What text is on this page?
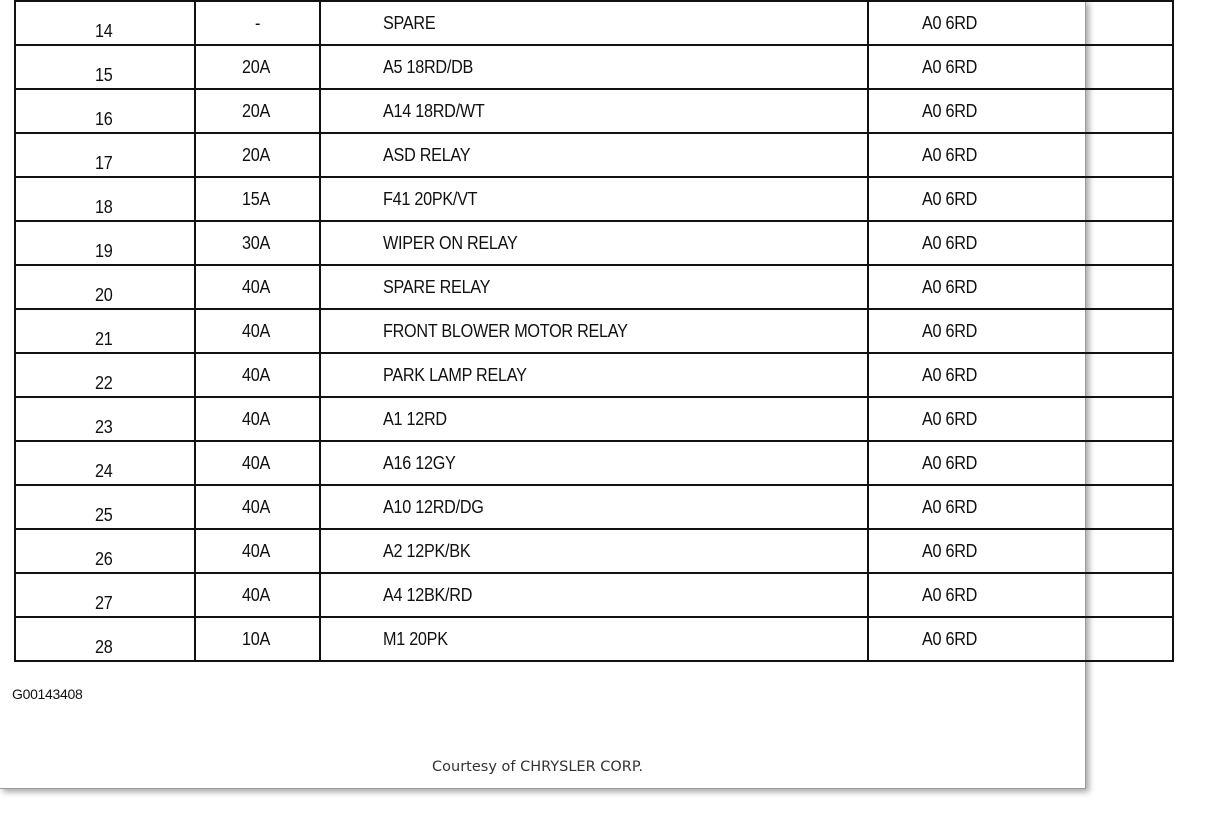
14	-	SPARE	A0 6RD
15	20A	A5 18RD/DB	A0 6RD
16	20A	A14 18RD/WT	A0 6RD
17	20A	ASD RELAY	A0 6RD
18	15A	F41 20PK/VT	A0 6RD
19	30A	WIPER ON RELAY	A0 6RD
20	40A	SPARE RELAY	A0 6RD
21	40A	FRONT BLOWER MOTOR RELAY	A0 6RD
22	40A	PARK LAMP RELAY	A0 6RD
23	40A	A1 12RD	A0 6RD
24	40A	A16 12GY	A0 6RD
25	40A	A10 12RD/DG	A0 6RD
26	40A	A2 12PK/BK	A0 6RD
27	40A	A4 12BK/RD	A0 6RD
28	10A	M1 20PK	A0 6RD
G00143408
Courtesy of CHRYSLER CORP.
